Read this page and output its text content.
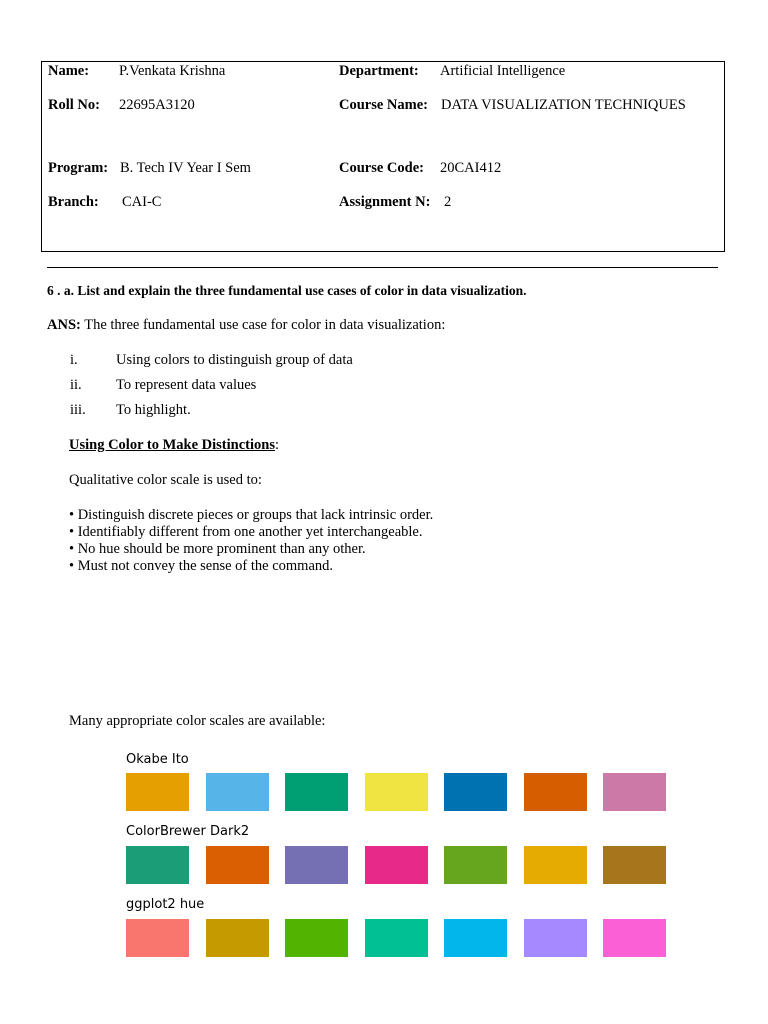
Name: P.Venkata Krishna	Department: Artificial Intelligence
Roll No: 22695A3120	Course Name: DATA VISUALIZATION TECHNIQUES
Program: B. Tech IV Year I Sem	Course Code: 20CAI412
Branch: CAI-C	Assignment N: 2
6 . a. List and explain the three fundamental use cases of color in data visualization.
ANS: The three fundamental use case for color in data visualization:
i.	Using colors to distinguish group of data
ii. To represent data values
iii. To highlight.
Using Color to Make Distinctions:
Qualitative color scale is used to:
• Distinguish discrete pieces or groups that lack intrinsic order.
• Identifiably different from one another yet interchangeable.
• No hue should be more prominent than any other.
• Must not convey the sense of the command.
Many appropriate color scales are available:
Okabe Ito
ColorBrewer Dark2
ggplot2 hue
